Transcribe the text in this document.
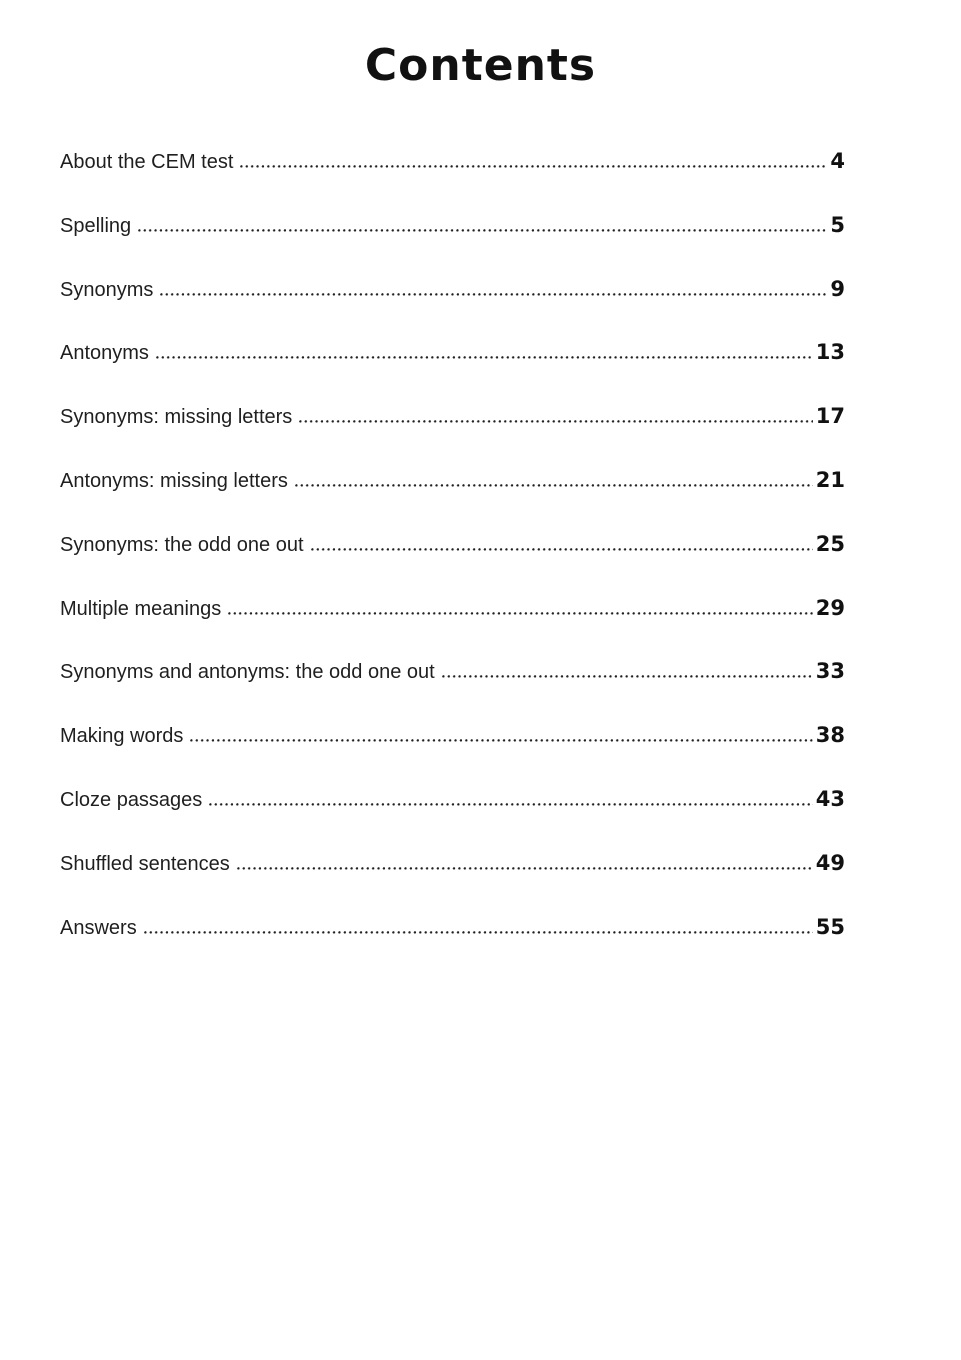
Contents
About the CEM test	4
Spelling	5
Synonyms	9
Antonyms	13
Synonyms: missing letters	17
Antonyms: missing letters	21
Synonyms: the odd one out	25
Multiple meanings	29
Synonyms and antonyms: the odd one out	33
Making words	38
Cloze passages	43
Shuffled sentences	49
Answers	55
